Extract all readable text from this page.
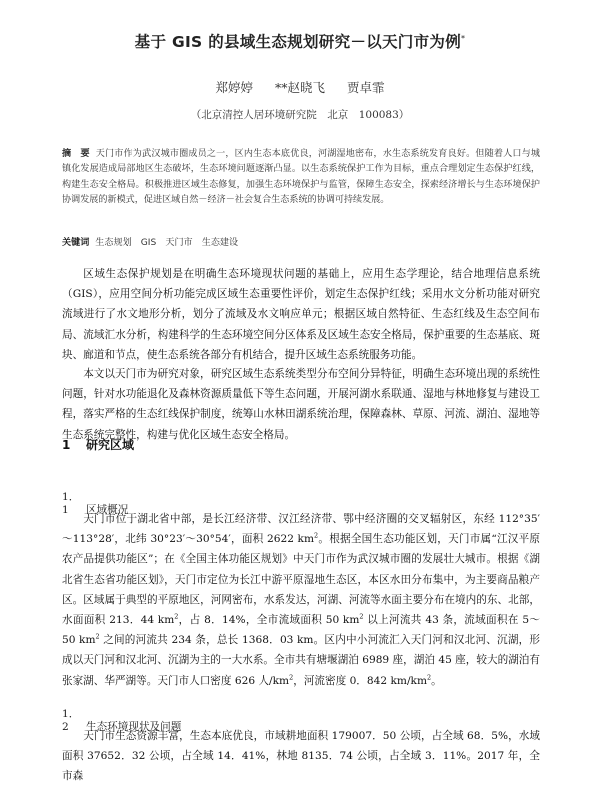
基于 GIS 的县域生态规划研究－以天门市为例*
郑婷婷 **赵晓飞 贾卓霏
（北京清控人居环境研究院　北京　100083）
摘　要 天门市作为武汉城市圈成员之一，区内生态本底优良，河湖湿地密布，水生态系统发育良好。但随着人口与城镇化发展造成局部地区生态破坏，生态环境问题逐渐凸显。以生态系统保护工作为目标，重点合理划定生态保护红线，构建生态安全格局。积极推进区域生态修复，加强生态环境保护与监管，保障生态安全，探索经济增长与生态环境保护协调发展的新模式，促进区域自然－经济－社会复合生态系统的协调可持续发展。
关键词 生态规划　GIS　天门市　生态建设

区域生态保护规划是在明确生态环境现状问题的基础上，应用生态学理论，结合地理信息系统（GIS），应用空间分析功能完成区域生态重要性评价，划定生态保护红线；采用水文分析功能对研究流域进行了水文地形分析，划分了流域及水文响应单元；根据区域自然特征、生态红线及生态空间布局、流域汇水分析，构建科学的生态环境空间分区体系及区域生态安全格局，保护重要的生态基底、斑块、廊道和节点，使生态系统各部分有机结合，提升区域生态系统服务功能。

本文以天门市为研究对象，研究区域生态系统类型分布空间分异特征，明确生态环境出现的系统性问题，针对水功能退化及森林资源质量低下等生态问题，开展河湖水系联通、湿地与林地修复与建设工程，落实严格的生态红线保护制度，统筹山水林田湖系统治理，保障森林、草原、河流、湖泊、湿地等生态系统完整性，构建与优化区域生态安全格局。

1 研究区域
1．1 区域概况

天门市位于湖北省中部，是长江经济带、汉江经济带、鄂中经济圈的交叉辐射区，东经 112°35′～113°28′，北纬 30°23′～30°54′，面积 2622 $km^2$。根据全国生态功能区划，天门市属“江汉平原农产品提供功能区”；在《全国主体功能区规划》中天门市作为武汉城市圈的发展壮大城市。根据《湖北省生态省功能区划》，天门市定位为长江中游平原湿地生态区，本区水田分布集中，为主要商品粮产区。区域属于典型的平原地区，河网密布，水系发达，河湖、河流等水面主要分布在境内的东、北部，水面面积 213．44 $km^2$，占 8．14%，全市流域面积 50 $km^2$ 以上河流共 43 条，流域面积在 5～50 $km^2$ 之间的河流共 234 条，总长 1368．03 km。区内中小河流汇入天门河和汉北河、沉湖，形成以天门河和汉北河、沉湖为主的一大水系。全市共有塘堰湖泊 6989 座，湖泊 45 座，较大的湖泊有张家湖、华严湖等。天门市人口密度 626 人$/km^2$，河流密度 0．842 $km/km^2$。

1．2 生态环境现状及问题

天门市生态资源丰富，生态本底优良，市域耕地面积 179007．50 公顷，占全域 68．5%，水域面积 37652．32 公顷，占全域 14．41%，林地 8135．74 公顷，占全域 3．11%。2017 年，全市森
